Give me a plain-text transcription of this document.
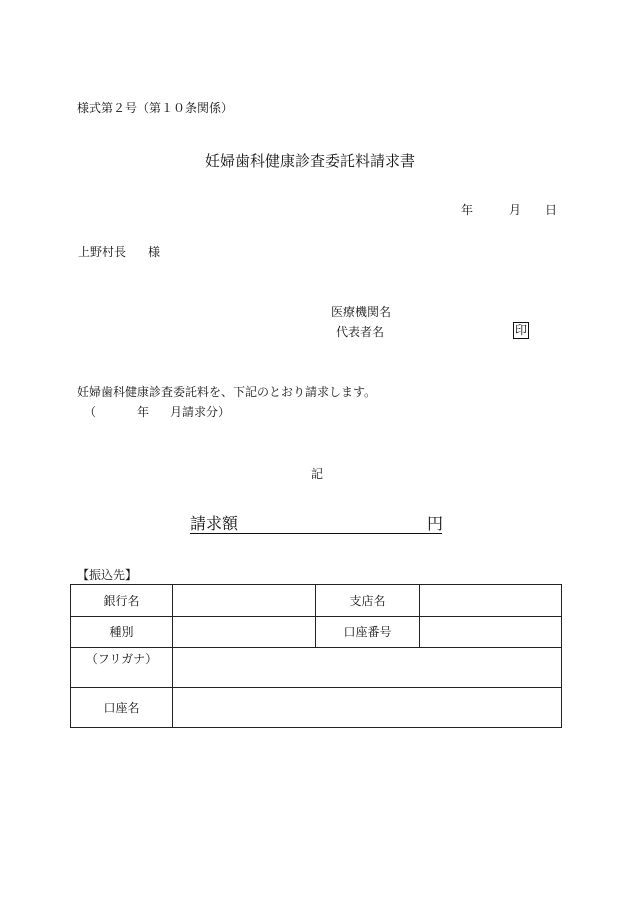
様式第２号（第１０条関係）
妊婦歯科健康診査委託料請求書
年	月 日
上野村長 様
医療機関名
代表者名	印
妊婦歯科健康診査委託料を、下記のとおり請求します。
（	年 月請求分）
記
請求額	円
【振込先】
銀行名		支店名	
種別		口座番号	
（フリガナ）			
口座名			
